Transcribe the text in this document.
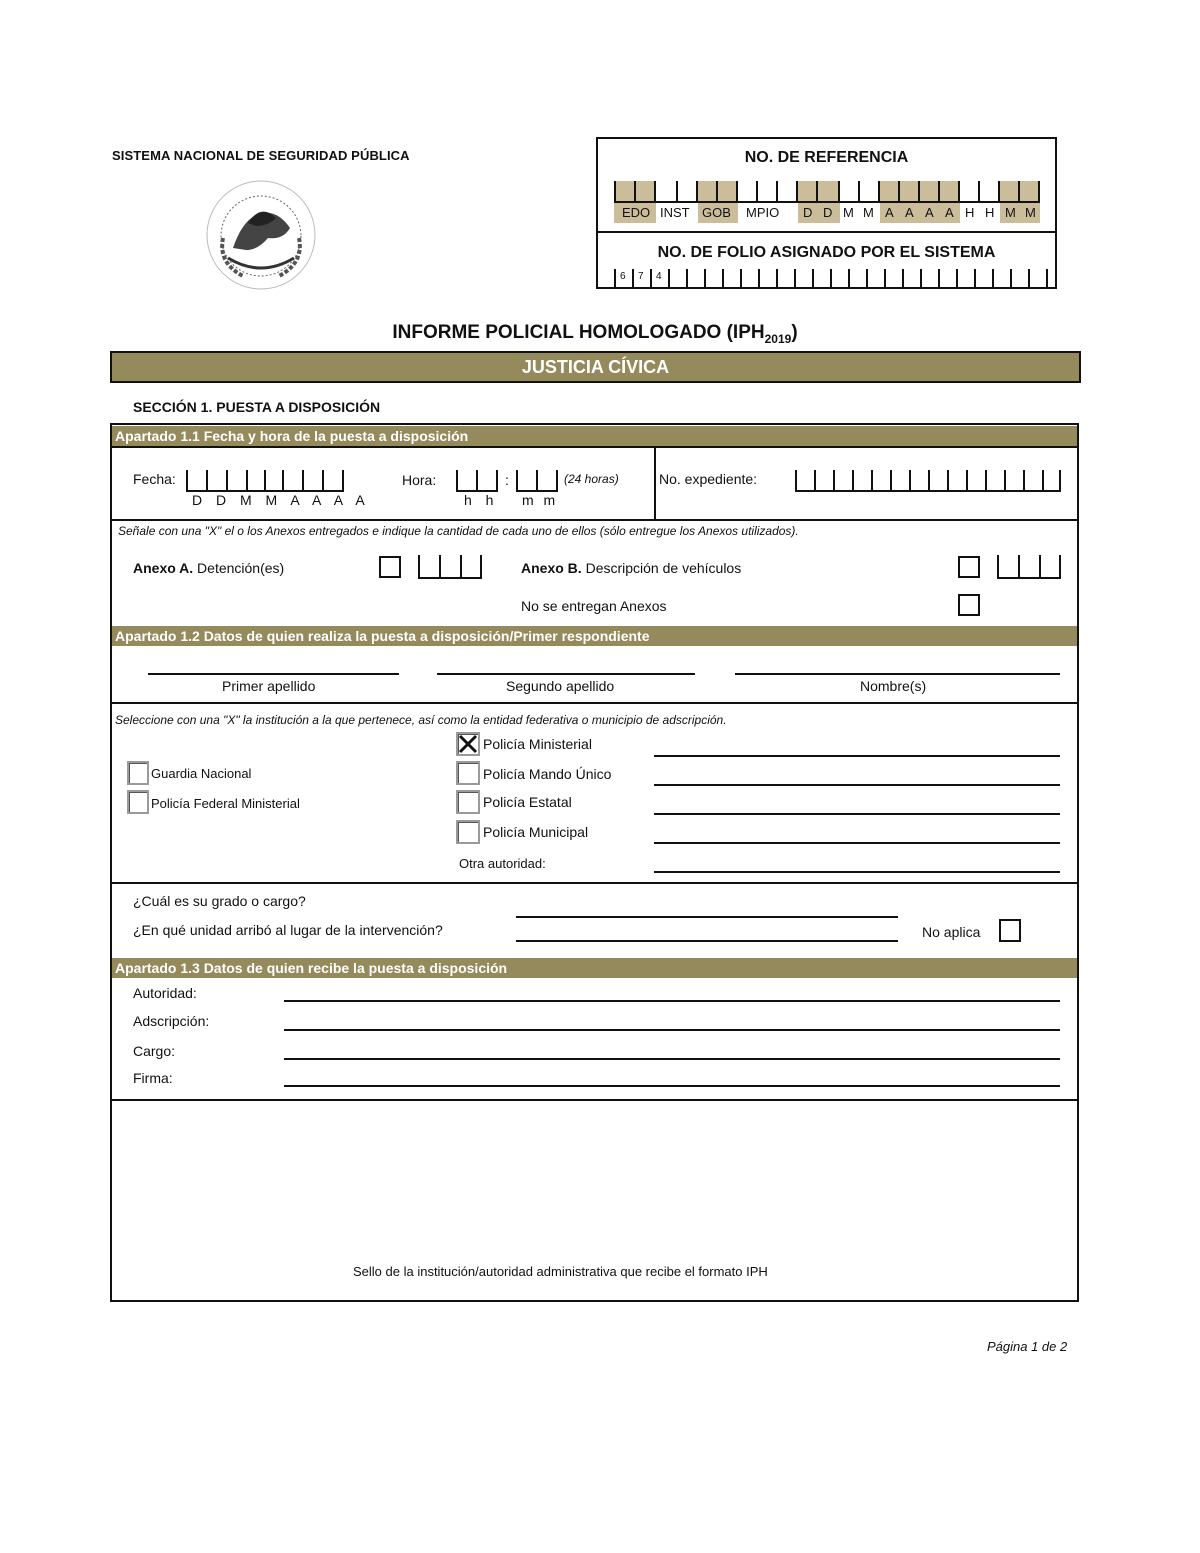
SISTEMA NACIONAL DE SEGURIDAD PÚBLICA	NO. DE REFERENCIA
EDO INST GOB MPIO D D M M A A A A H H M M
NO. DE FOLIO ASIGNADO POR EL SISTEMA
6 7 4
INFORME POLICIAL HOMOLOGADO $(IPH_{2019})$
JUSTICIA CÍVICA
SECCIÓN 1. PUESTA A DISPOSICIÓN
Apartado 1.1 Fecha y hora de la puesta a disposición
Fecha:
D D M M A A A A
Hora:	:
h h m m
(24 horas)	No. expediente:
Señale con una "X" el o los Anexos entregados e indique la cantidad de cada uno de ellos (sólo entregue los Anexos utilizados).
Anexo A. Detención(es)	Anexo B. Descripción de vehículos
No se entregan Anexos
Apartado 1.2 Datos de quien realiza la puesta a disposición/Primer respondiente
Primer apellido	Segundo apellido	Nombre(s)
Seleccione con una "X" la institución a la que pertenece, así como la entidad federativa o municipio de adscripción.
Guardia Nacional
Policía Federal Ministerial
Policía Ministerial
Policía Mando Único
Policía Estatal
Policía Municipal
Otra autoridad:
¿Cuál es su grado o cargo?
¿En qué unidad arribó al lugar de la intervención?	No aplica
Apartado 1.3 Datos de quien recibe la puesta a disposición
Autoridad:
Adscripción:
Cargo:
Firma:
Sello de la institución/autoridad administrativa que recibe el formato IPH
Página 1 de 2
